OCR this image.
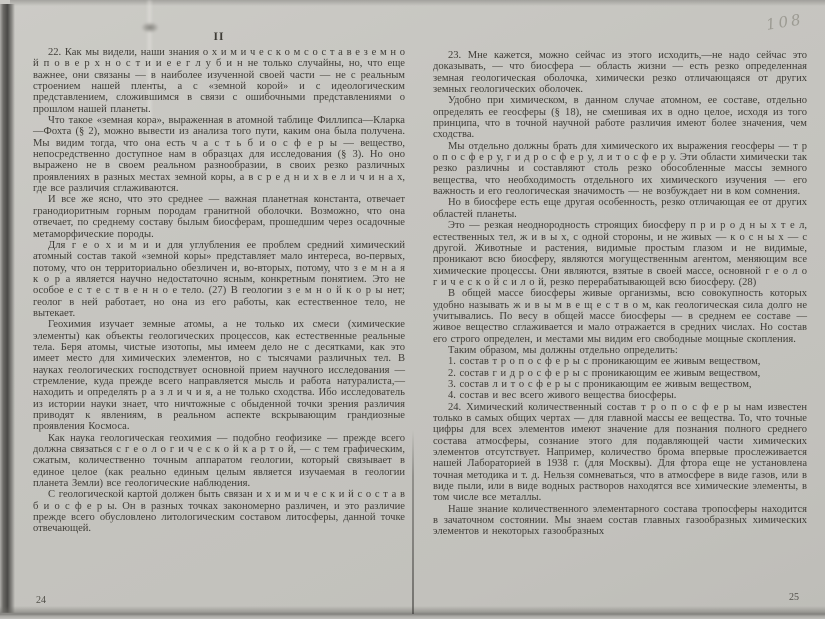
II

22. Как мы видели, наши знания о х и м и ч е с к о м с о с т а в е з е м н о й п о в е р х н о с т и и е е г л у б и н не только случайны, но, что еще важнее, они связаны — в наиболее изученной своей части — не с реальным строением нашей пленты, а с «земной корой» и с идеологическим представлением, сложившимся в связи с ошибочными представлениями о прошлом нашей планеты.

Что такое «земная кора», выраженная в атомной таблице Филлипса—Кларка—Фохта (§ 2), можно вывести из анализа того пути, каким она была получена. Мы видим тогда, что она есть ч а с т ь б и о с ф е р ы — вещество, непосредственно доступное нам в образцах для исследования (§ 3). Но оно выражено не в своем реальном разнообразии, в своих резко различных проявлениях в разных местах земной коры, а в с р е д н и х в е л и ч и н а х, где все различия сглаживаются.

И все же ясно, что это среднее — важная планетная константа, отвечает гранодиоритным горным породам гранитной оболочки. Возможно, что она отвечает, по среднему составу былым биосферам, прошедшим через осадочные метаморфические породы.

Для г е о х и м и и для углубления ее проблем средний химический атомный состав такой «земной коры» представляет мало интереса, во-первых, потому, что он территориально обезличен и, во-вторых, потому, что з е м н а я к о р а является научно недостаточно ясным, конкретным понятием. Это не особое е с т е с т в е н н о е тело. (27) В геологии з е м н о й к о р ы нет; геолог в ней работает, но она из его работы, как естественное тело, не вытекает.

Геохимия изучает земные атомы, а не только их смеси (химические элементы) как объекты геологических процессов, как естественные реальные тела. Беря атомы, чистые изотопы, мы имеем дело не с десятками, как это имеет место для химических элементов, но с тысячами различных тел. В науках геологических господствует основной прием научного исследования — стремление, куда прежде всего направляется мысль и работа натуралиста,— находить и определять р а з л и ч и я, а не только сходства. Ибо исследователь из истории науки знает, что ничтожные с обыденной точки зрения различия приводят к явлениям, в реальном аспекте вскрывающим грандиозные проявления Космоса.

Как наука геологическая геохимия — подобно геофизике — прежде всего должна связаться с г е о л о г и ч е с к о й к а р т о й, — с тем графическим, сжатым, количественно точным аппаратом геологии, который связывает в единое целое (как реально единым целым является изучаемая в геологии планета Земли) все геологические наблюдения.

С геологической картой должен быть связан и х и м и ч е с к и й с о с т а в б и о с ф е р ы. Он в разных точках закономерно различен, и это различие прежде всего обусловлено литологическим составом литосферы, данной точке отвечающей.

24
108

23. Мне кажется, можно сейчас из этого исходить,—не надо сейчас это доказывать, — что биосфера — область жизни — есть резко определенная земная геологическая оболочка, химически резко отличающаяся от других земных геологических оболочек.

Удобно при химическом, в данном случае атомном, ее составе, отдельно определять ее геосферы (§ 18), не смешивая их в одно целое, исходя из того принципа, что в точной научной работе различия имеют более значения, чем сходства.

Мы отдельно должны брать для химического их выражения геосферы — т р о п о с ф е р у, г и д р о с ф е р у, л и т о с ф е р у. Эти области химически так резко различны и составляют столь резко обособленные массы земного вещества, что необходимость отдельного их химического изучения — его важность и его геологическая значимость — не возбуждает ни в ком сомнения.

Но в биосфере есть еще другая особенность, резко отличающая ее от других областей планеты.

Это — резкая неоднородность строящих биосферу п р и р о д н ы х т е л, естественных тел, ж и в ы х, с одной стороны, и не живых — к о с н ы х — с другой. Животные и растения, видимые простым глазом и не видимые, проникают всю биосферу, являются могущественным агентом, меняющим все химические процессы. Они являются, взятые в своей массе, основной г е о л о г и ч е с к о й с и л о й, резко перерабатывающей всю биосферу. (28)

В общей массе биосферы живые организмы, всю совокупность которых удобно называть ж и в ы м в е щ е с т в о м, как геологическая сила долго не учитывались. По весу в общей массе биосферы — в среднем ее составе — живое вещество сглаживается и мало отражается в средних числах. Но состав его строго определен, и местами мы видим его свободные мощные скопления.

Таким образом, мы должны отдельно определить:

1. состав т р о п о с ф е р ы с проникающим ее живым веществом,

2. состав г и д р о с ф е р ы с проникающим ее живым веществом,

3. состав л и т о с ф е р ы с проникающим ее живым веществом,

4. состав и вес всего живого вещества биосферы.

24. Химический количественный состав т р о п о с ф е р ы нам известен только в самых общих чертах — для главной массы ее вещества. То, что точные цифры для всех элементов имеют значение для познания полного среднего состава атмосферы, сознание этого для подавляющей части химических элементов отсутствует. Например, количество брома впервые прослеживается нашей Лабораторией в 1938 г. (для Москвы). Для фтора еще не установлена точная методика и т. д. Нельзя сомневаться, что в атмосфере в виде газов, или в виде пыли, или в виде водных растворов находятся все химические элементы, в том числе все металлы.

Наше знание количественного элементарного состава тропосферы находится в зачаточном состоянии. Мы знаем состав главных газообразных химических элементов и некоторых газообразных

25
